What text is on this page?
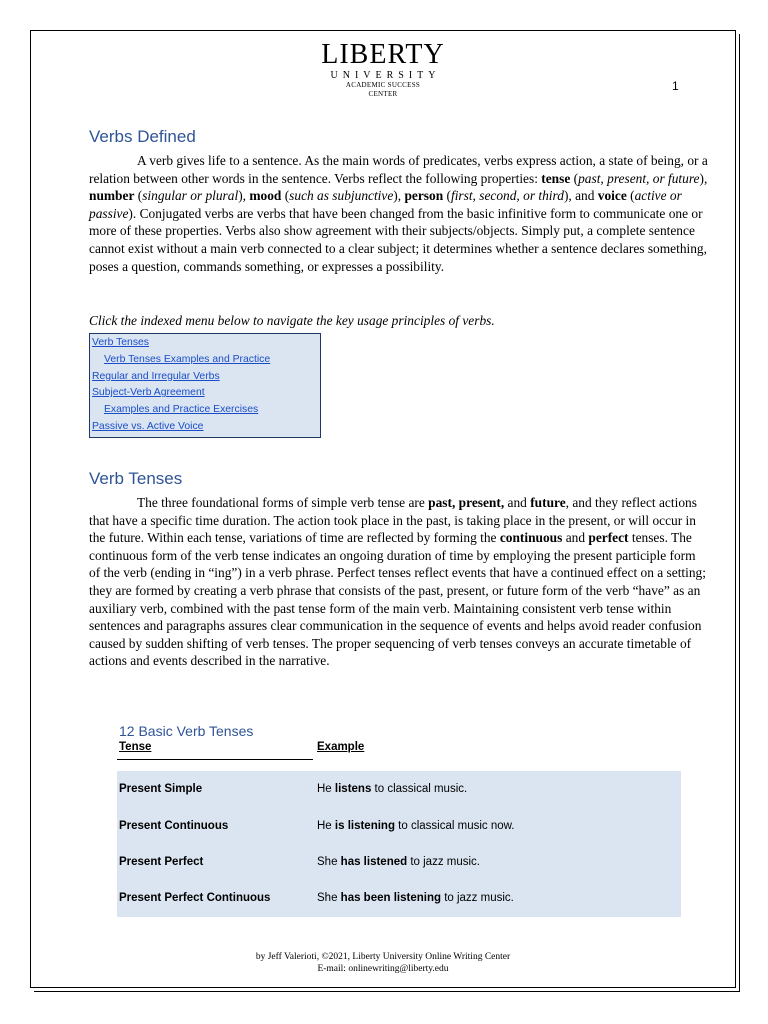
LIBERTY
UNIVERSITY
ACADEMIC SUCCESS
CENTER
1
Verbs Defined

A verb gives life to a sentence. As the main words of predicates, verbs express action, a state of being, or a relation between other words in the sentence. Verbs reflect the following properties: tense (past, present, or future), number (singular or plural), mood (such as subjunctive), person (first, second, or third), and voice (active or passive). Conjugated verbs are verbs that have been changed from the basic infinitive form to communicate one or more of these properties. Verbs also show agreement with their subjects/objects. Simply put, a complete sentence cannot exist without a main verb connected to a clear subject; it determines whether a sentence declares something, poses a question, commands something, or expresses a possibility.

Click the indexed menu below to navigate the key usage principles of verbs.

Verb Tenses
Verb Tenses Examples and Practice
Regular and Irregular Verbs
Subject-Verb Agreement
Examples and Practice Exercises
Passive vs. Active Voice
Verb Tenses

The three foundational forms of simple verb tense are past, present, and future, and they reflect actions that have a specific time duration. The action took place in the past, is taking place in the present, or will occur in the future. Within each tense, variations of time are reflected by forming the continuous and perfect tenses. The continuous form of the verb tense indicates an ongoing duration of time by employing the present participle form of the verb (ending in “ing”) in a verb phrase. Perfect tenses reflect events that have a continued effect on a setting; they are formed by creating a verb phrase that consists of the past, present, or future form of the verb “have” as an auxiliary verb, combined with the past tense form of the main verb. Maintaining consistent verb tense within sentences and paragraphs assures clear communication in the sequence of events and helps avoid reader confusion caused by sudden shifting of verb tenses. The proper sequencing of verb tenses conveys an accurate timetable of actions and events described in the narrative.

12 Basic Verb Tenses
Tense	Example
Present Simple	He listens to classical music.
Present Continuous	He is listening to classical music now.
Present Perfect	She has listened to jazz music.
Present Perfect Continuous	She has been listening to jazz music.
by Jeff Valerioti, ©2021, Liberty University Online Writing Center
E-mail: onlinewriting@liberty.edu
